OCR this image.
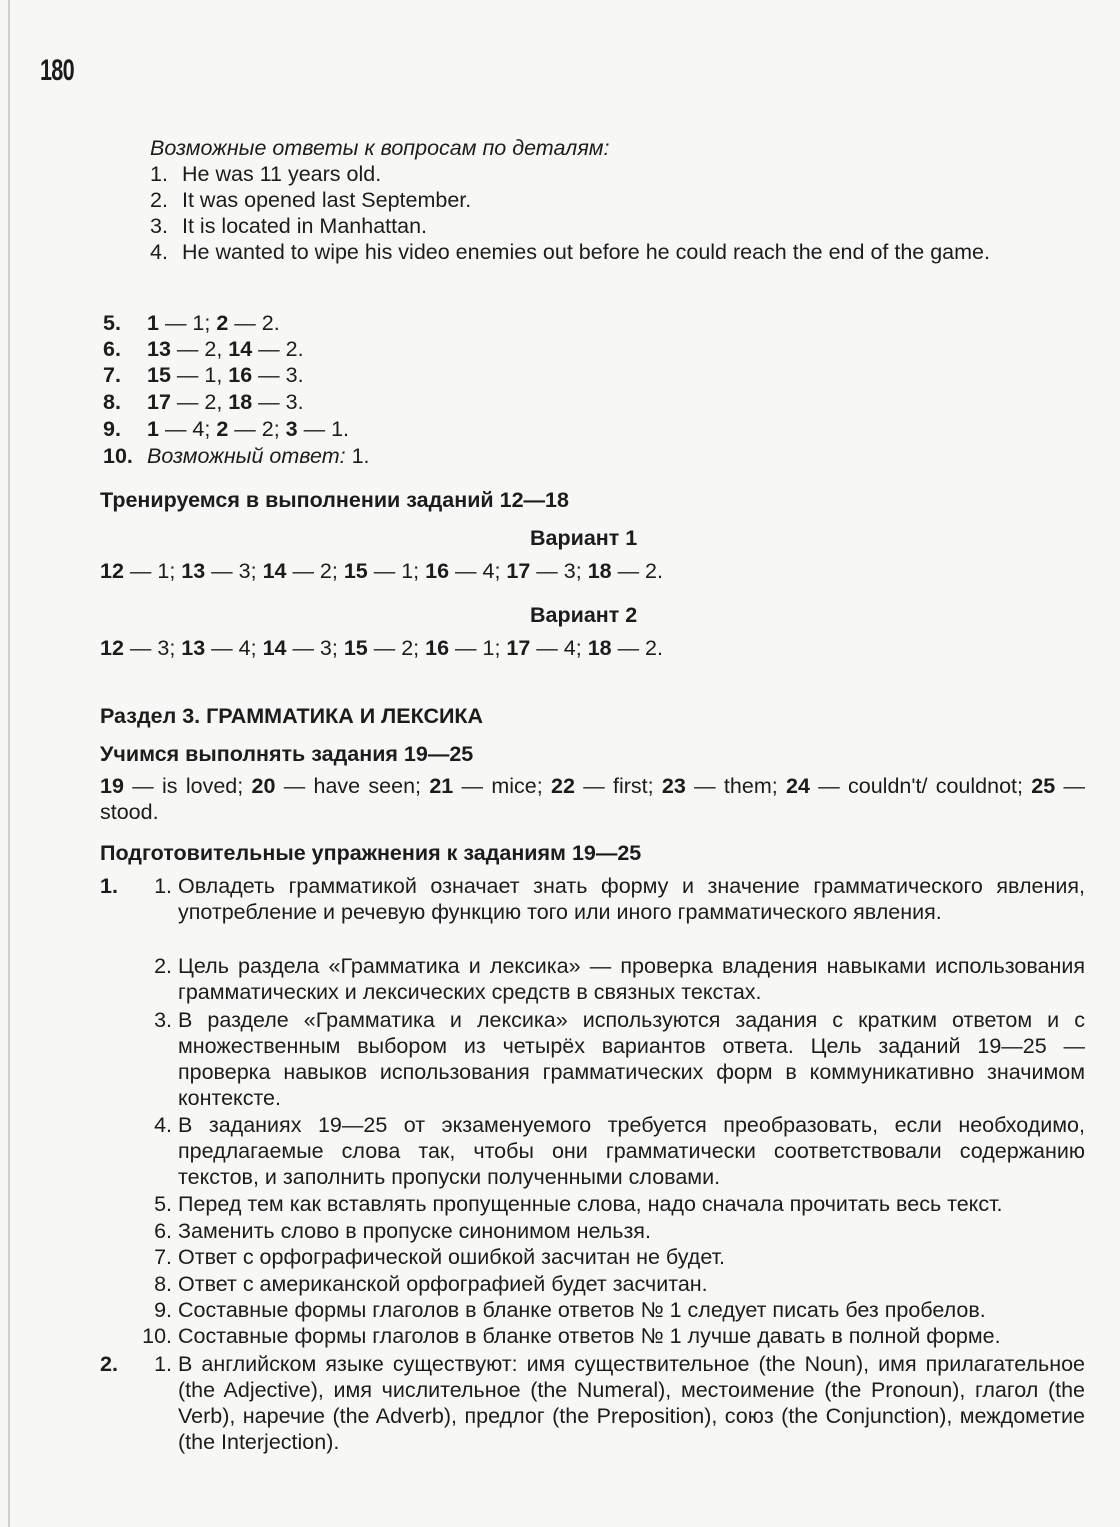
180
Возможные ответы к вопросам по деталям:
1. He was 11 years old.
2. It was opened last September.
3. It is located in Manhattan.
4. He wanted to wipe his video enemies out before he could reach the end of the game.
5. 1 — 1; 2 — 2.
6. 13 — 2, 14 — 2.
7. 15 — 1, 16 — 3.
8. 17 — 2, 18 — 3.
9. 1 — 4; 2 — 2; 3 — 1.
10. Возможный ответ: 1.
Тренируемся в выполнении заданий 12—18
Вариант 1
12 — 1; 13 — 3; 14 — 2; 15 — 1; 16 — 4; 17 — 3; 18 — 2.
Вариант 2
12 — 3; 13 — 4; 14 — 3; 15 — 2; 16 — 1; 17 — 4; 18 — 2.
Раздел 3. ГРАММАТИКА И ЛЕКСИКА
Учимся выполнять задания 19—25
19 — is loved; 20 — have seen; 21 — mice; 22 — first; 23 — them; 24 — couldn't/ couldnot; 25 — stood.
Подготовительные упражнения к заданиям 19—25
1.	1. Овладеть грамматикой означает знать форму и значение грамматического явления, употребление и речевую функцию того или иного грамматического явления.
2. Цель раздела «Грамматика и лексика» — проверка владения навыками использования грамматических и лексических средств в связных текстах.
3. В разделе «Грамматика и лексика» используются задания с кратким ответом и с множественным выбором из четырёх вариантов ответа. Цель заданий 19—25 — проверка навыков использования грамматических форм в коммуникативно значимом контексте.
4. В заданиях 19—25 от экзаменуемого требуется преобразовать, если необходимо, предлагаемые слова так, чтобы они грамматически соответствовали содержанию текстов, и заполнить пропуски полученными словами.
5. Перед тем как вставлять пропущенные слова, надо сначала прочитать весь текст.
6. Заменить слово в пропуске синонимом нельзя.
7. Ответ с орфографической ошибкой засчитан не будет.
8. Ответ с американской орфографией будет засчитан.
9. Составные формы глаголов в бланке ответов № 1 следует писать без пробелов.
10. Составные формы глаголов в бланке ответов № 1 лучше давать в полной форме.
2.	1. В английском языке существуют: имя существительное (the Noun), имя прилагательное (the Adjective), имя числительное (the Numeral), местоимение (the Pronoun), глагол (the Verb), наречие (the Adverb), предлог (the Preposition), союз (the Conjunction), междометие (the Interjection).
